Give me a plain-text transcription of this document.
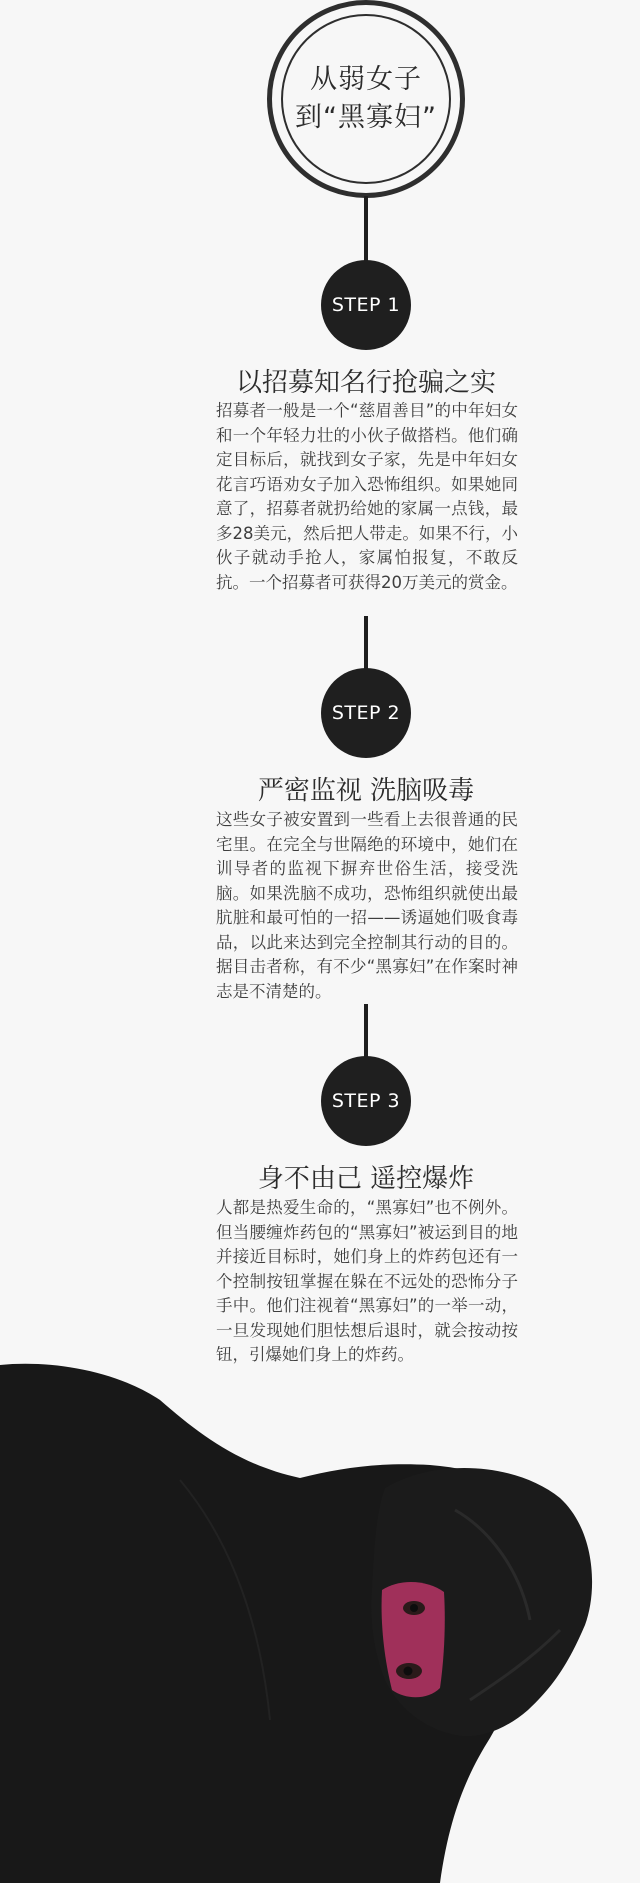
从弱女子
到“黑寡妇”
STEP 1
以招募知名行抢骗之实

招募者一般是一个“慈眉善目”的中年妇女和一个年轻力壮的小伙子做搭档。他们确定目标后，就找到女子家，先是中年妇女花言巧语劝女子加入恐怖组织。如果她同意了，招募者就扔给她的家属一点钱，最多28美元，然后把人带走。如果不行，小伙子就动手抢人，家属怕报复，不敢反抗。一个招募者可获得20万美元的赏金。

STEP 2
严密监视 洗脑吸毒

这些女子被安置到一些看上去很普通的民宅里。在完全与世隔绝的环境中，她们在训导者的监视下摒弃世俗生活，接受洗脑。如果洗脑不成功，恐怖组织就使出最肮脏和最可怕的一招——诱逼她们吸食毒品，以此来达到完全控制其行动的目的。据目击者称，有不少“黑寡妇”在作案时神志是不清楚的。

STEP 3
身不由己 遥控爆炸

人都是热爱生命的，“黑寡妇”也不例外。但当腰缠炸药包的“黑寡妇”被运到目的地并接近目标时，她们身上的炸药包还有一个控制按钮掌握在躲在不远处的恐怖分子手中。他们注视着“黑寡妇”的一举一动，一旦发现她们胆怯想后退时，就会按动按钮，引爆她们身上的炸药。
